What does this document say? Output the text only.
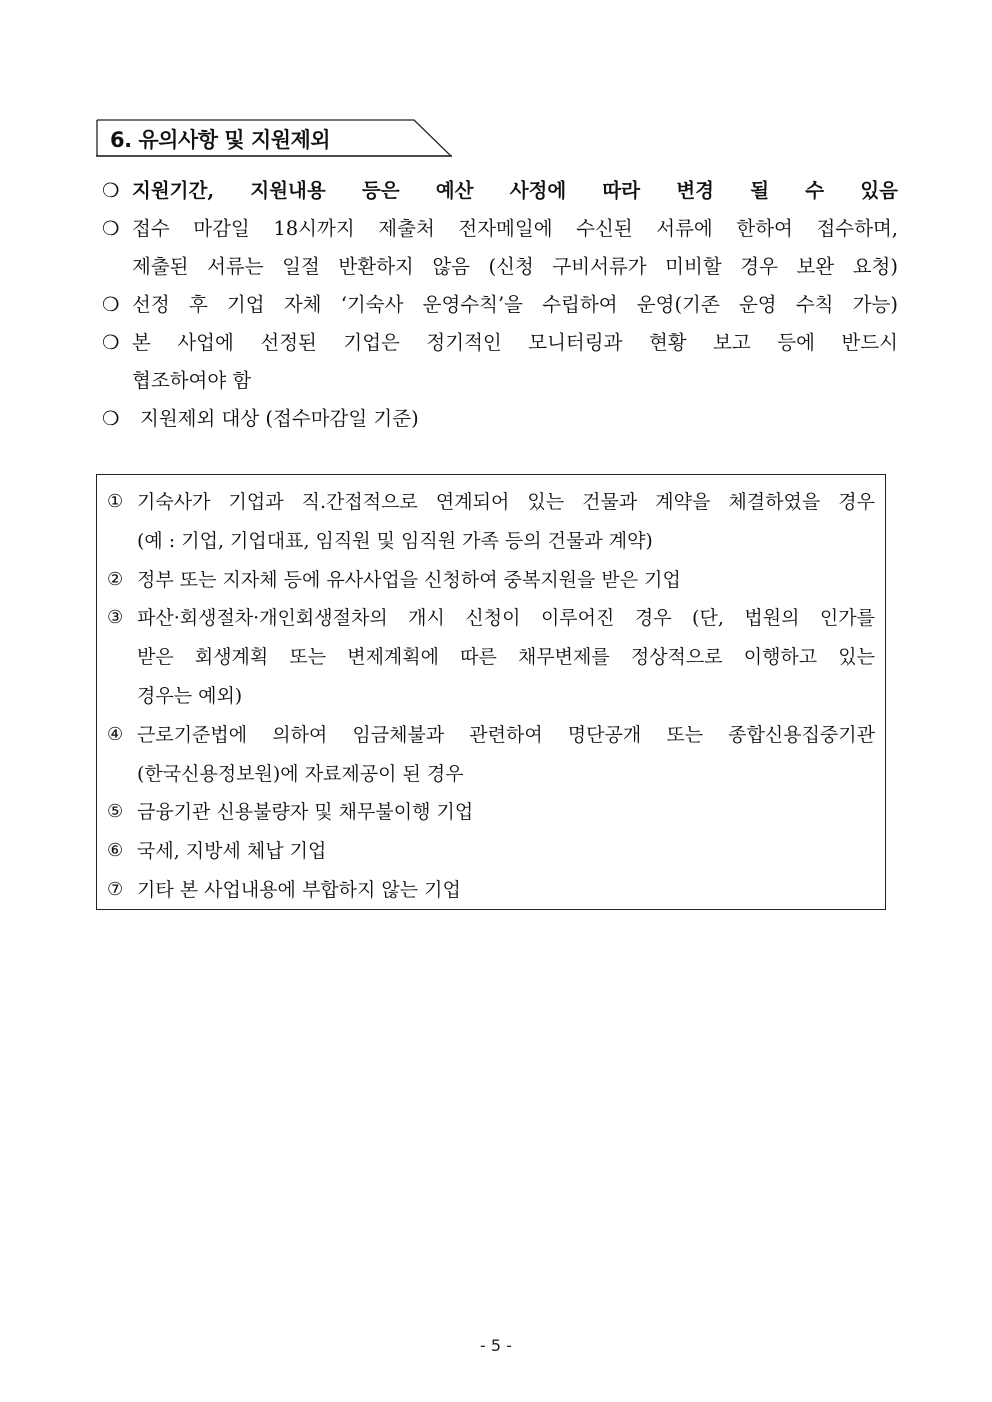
6. 유의사항 및 지원제외
❍ 지원기간, 지원내용 등은 예산 사정에 따라 변경 될 수 있음
❍ 접수 마감일 18시까지 제출처 전자메일에 수신된 서류에 한하여 접수하며,
제출된 서류는 일절 반환하지 않음 (신청 구비서류가 미비할 경우 보완 요청)
❍ 선정 후 기업 자체 ‘기숙사 운영수칙’을 수립하여 운영(기존 운영 수칙 가능)
❍ 본 사업에 선정된 기업은 정기적인 모니터링과 현황 보고 등에 반드시
협조하여야 함
❍	지원제외 대상 (접수마감일 기준)
① 기숙사가 기업과 직.간접적으로 연계되어 있는 건물과 계약을 체결하였을 경우
(예 : 기업, 기업대표, 임직원 및 임직원 가족 등의 건물과 계약)
② 정부 또는 지자체 등에 유사사업을 신청하여 중복지원을 받은 기업
③ 파산·회생절차·개인회생절차의 개시 신청이 이루어진 경우 (단, 법원의 인가를
받은 회생계획 또는 변제계획에 따른 채무변제를 정상적으로 이행하고 있는
경우는 예외)
④ 근로기준법에 의하여 임금체불과 관련하여 명단공개 또는 종합신용집중기관
(한국신용정보원)에 자료제공이 된 경우
⑤ 금융기관 신용불량자 및 채무불이행 기업
⑥ 국세, 지방세 체납 기업
⑦ 기타 본 사업내용에 부합하지 않는 기업
- 5 -
